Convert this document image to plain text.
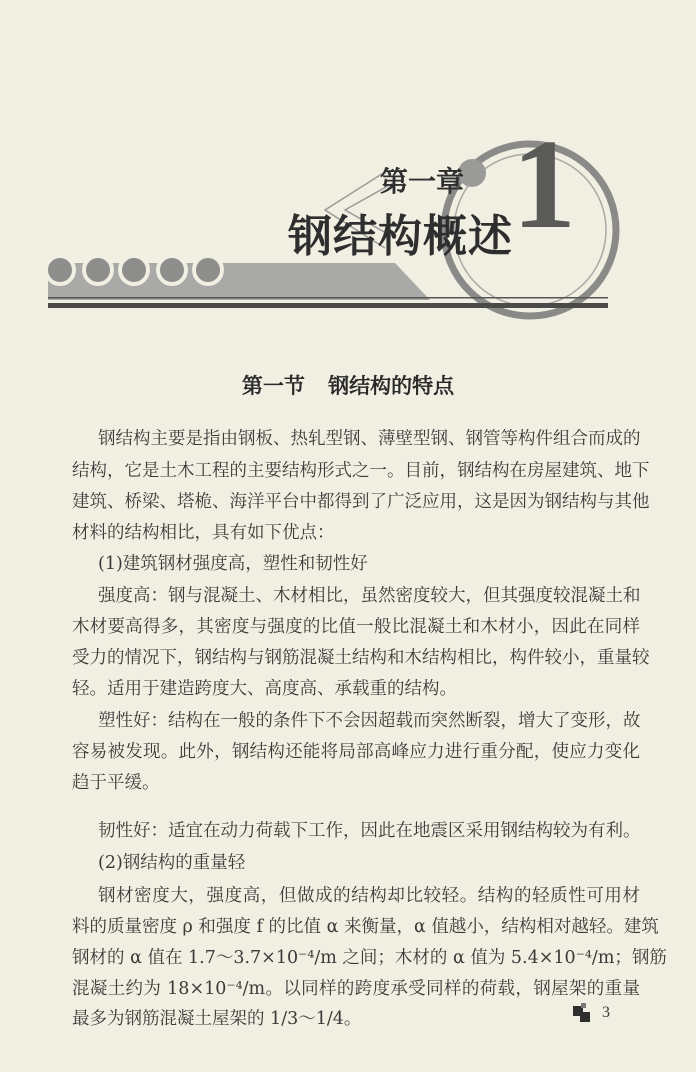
1
第一章
钢结构概述
第一节 钢结构的特点
钢结构主要是指由钢板、热轧型钢、薄壁型钢、钢管等构件组合而成的
结构，它是土木工程的主要结构形式之一。目前，钢结构在房屋建筑、地下
建筑、桥梁、塔桅、海洋平台中都得到了广泛应用，这是因为钢结构与其他
材料的结构相比，具有如下优点：
(1)建筑钢材强度高，塑性和韧性好
强度高：钢与混凝土、木材相比，虽然密度较大，但其强度较混凝土和
木材要高得多，其密度与强度的比值一般比混凝土和木材小，因此在同样
受力的情况下，钢结构与钢筋混凝土结构和木结构相比，构件较小，重量较
轻。适用于建造跨度大、高度高、承载重的结构。
塑性好：结构在一般的条件下不会因超载而突然断裂，增大了变形，故
容易被发现。此外，钢结构还能将局部高峰应力进行重分配，使应力变化
趋于平缓。
韧性好：适宜在动力荷载下工作，因此在地震区采用钢结构较为有利。
(2)钢结构的重量轻
钢材密度大，强度高，但做成的结构却比较轻。结构的轻质性可用材
料的质量密度 ρ 和强度 f 的比值 α 来衡量，α 值越小，结构相对越轻。建筑
钢材的 α 值在 1.7～3.7×10⁻⁴/m 之间；木材的 α 值为 5.4×10⁻⁴/m；钢筋
混凝土约为 18×10⁻⁴/m。以同样的跨度承受同样的荷载，钢屋架的重量
最多为钢筋混凝土屋架的 1/3～1/4。	3
